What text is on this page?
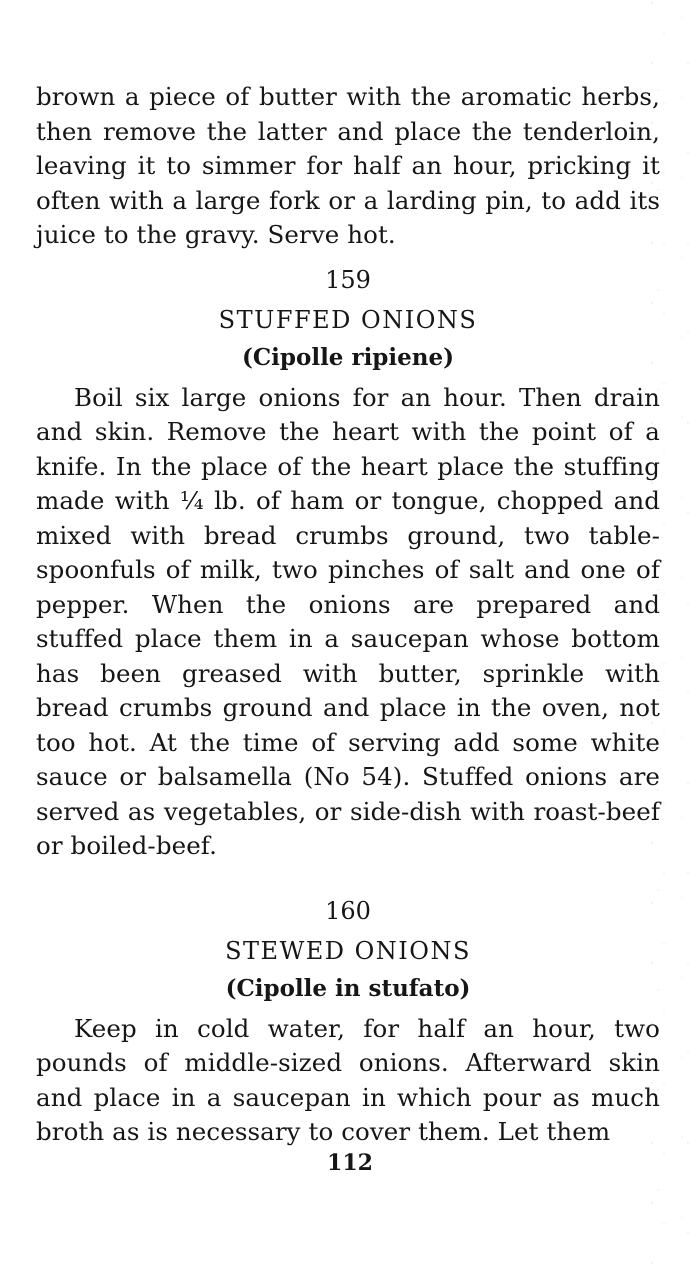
brown a piece of butter with the aromatic herbs, then remove the latter and place the tenderloin, leaving it to simmer for half an hour, pricking it often with a large fork or a larding pin, to add its juice to the gravy. Serve hot.

159
STUFFED ONIONS
(Cipolle ripiene)

Boil six large onions for an hour. Then drain and skin. Remove the heart with the point of a knife. In the place of the heart place the stuffing made with ¼ lb. of ham or tongue, chopped and mixed with bread crumbs ground, two table-spoonfuls of milk, two pinches of salt and one of pepper. When the onions are prepared and stuffed place them in a saucepan whose bottom has been greased with butter, sprinkle with bread crumbs ground and place in the oven, not too hot. At the time of serving add some white sauce or balsamella (No 54). Stuffed onions are served as vegetables, or side-dish with roast-beef or boiled-beef.

160
STEWED ONIONS
(Cipolle in stufato)

Keep in cold water, for half an hour, two pounds of middle-sized onions. Afterward skin and place in a saucepan in which pour as much broth as is necessary to cover them. Let them

112
